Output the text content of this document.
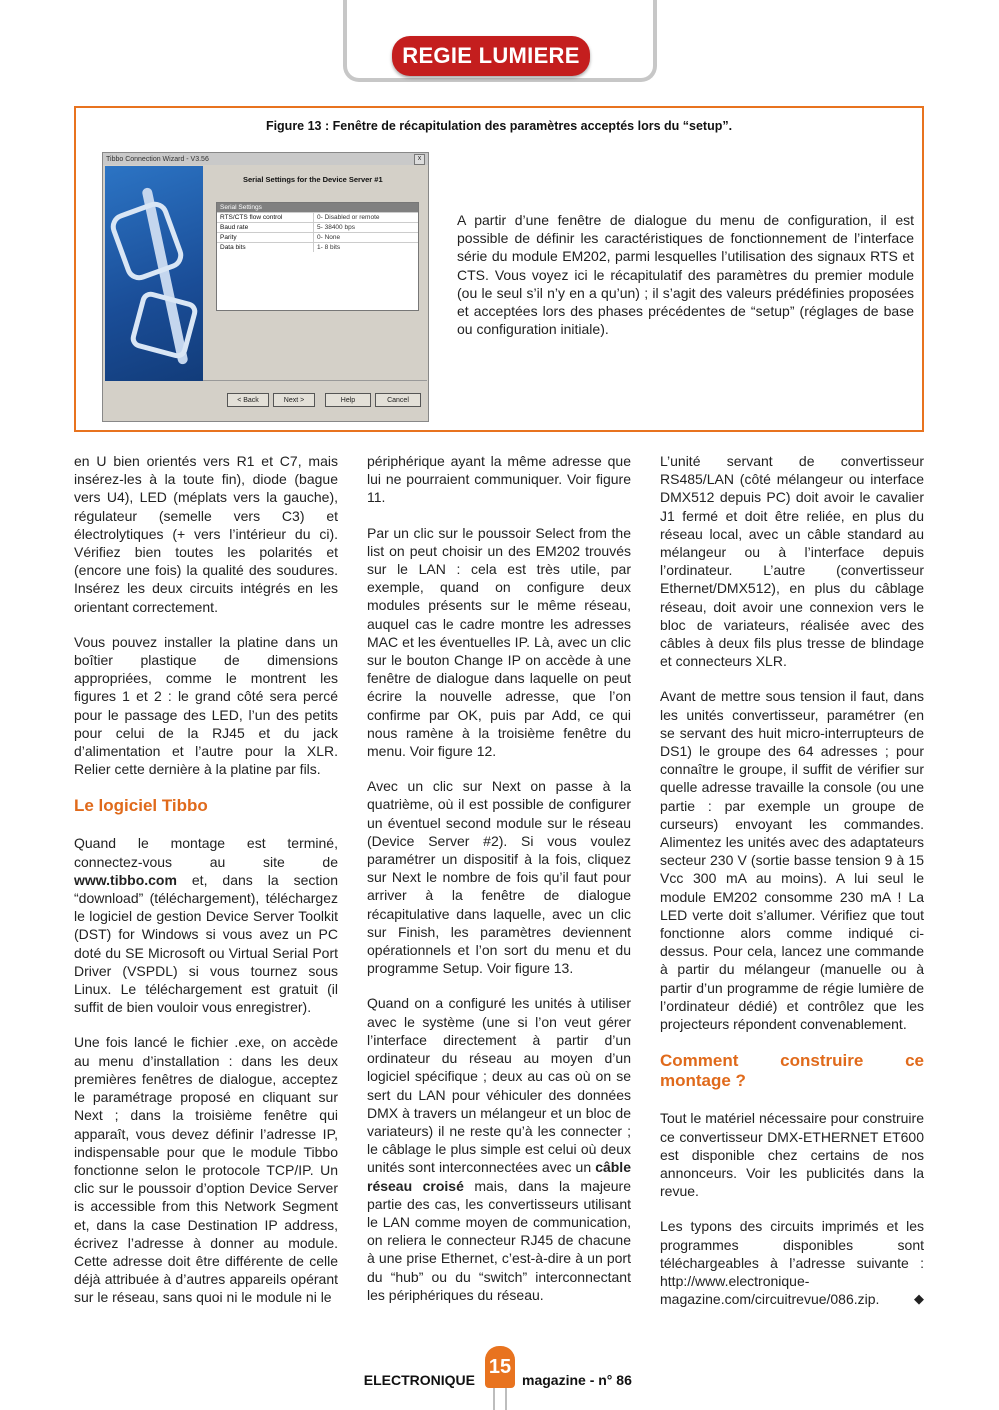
REGIE LUMIERE
Figure 13 : Fenêtre de récapitulation des paramètres acceptés lors du “setup”.
Tibbo Connection Wizard - V3.56	x
Serial Settings for the Device Server #1
Serial Settings
RTS/CTS flow control	0- Disabled or remote
Baud rate	5- 38400 bps
Parity	0- None
Data bits	1- 8 bits
< Back	Next >	Help	Cancel
A partir d’une fenêtre de dialogue du menu de configuration, il est possible de définir les caractéristiques de fonctionnement de l’interface série du module EM202, parmi lesquelles l’utilisation des signaux RTS et CTS. Vous voyez ici le récapitulatif des paramètres du premier module (ou le seul s’il n’y en a qu’un) ; il s’agit des valeurs prédéfinies proposées et acceptées lors des phases précédentes de “setup” (réglages de base ou configuration initiale).

en U bien orientés vers R1 et C7, mais insérez-les à la toute fin), diode (bague vers U4), LED (méplats vers la gauche), régulateur (semelle vers C3) et électrolytiques (+ vers l’intérieur du ci). Vérifiez bien toutes les polarités et (encore une fois) la qualité des soudures. Insérez les deux circuits intégrés en les orientant correctement.

Vous pouvez installer la platine dans un boîtier plastique de dimensions appropriées, comme le montrent les figures 1 et 2 : le grand côté sera percé pour le passage des LED, l’un des petits pour celui de la RJ45 et du jack d’alimentation et l’autre pour la XLR. Relier cette dernière à la platine par fils.

Le logiciel Tibbo

Quand le montage est terminé, connectez-vous au site de www.tibbo.com et, dans la section “download” (téléchargement), téléchargez le logiciel de gestion Device Server Toolkit (DST) for Windows si vous avez un PC doté du SE Microsoft ou Virtual Serial Port Driver (VSPDL) si vous tournez sous Linux. Le téléchargement est gratuit (il suffit de bien vouloir vous enregistrer).

Une fois lancé le fichier .exe, on accède au menu d’installation : dans les deux premières fenêtres de dialogue, acceptez le paramétrage proposé en cliquant sur Next ; dans la troisième fenêtre qui apparaît, vous devez définir l’adresse IP, indispensable pour que le module Tibbo fonctionne selon le protocole TCP/IP. Un clic sur le poussoir d’option Device Server is accessible from this Network Segment et, dans la case Destination IP address, écrivez l’adresse à donner au module. Cette adresse doit être différente de celle déjà attribuée à d’autres appareils opérant sur le réseau, sans quoi ni le module ni le

périphérique ayant la même adresse que lui ne pourraient communiquer. Voir figure 11.

Par un clic sur le poussoir Select from the list on peut choisir un des EM202 trouvés sur le LAN : cela est très utile, par exemple, quand on configure deux modules présents sur le même réseau, auquel cas le cadre montre les adresses MAC et les éventuelles IP. Là, avec un clic sur le bouton Change IP on accède à une fenêtre de dialogue dans laquelle on peut écrire la nouvelle adresse, que l’on confirme par OK, puis par Add, ce qui nous ramène à la troisième fenêtre du menu. Voir figure 12.

Avec un clic sur Next on passe à la quatrième, où il est possible de configurer un éventuel second module sur le réseau (Device Server #2). Si vous voulez paramétrer un dispositif à la fois, cliquez sur Next le nombre de fois qu’il faut pour arriver à la fenêtre de dialogue récapitulative dans laquelle, avec un clic sur Finish, les paramètres deviennent opérationnels et l’on sort du menu et du programme Setup. Voir figure 13.

Quand on a configuré les unités à utiliser avec le système (une si l’on veut gérer l’interface directement à partir d’un ordinateur du réseau au moyen d’un logiciel spécifique ; deux au cas où on se sert du LAN pour véhiculer des données DMX à travers un mélangeur et un bloc de variateurs) il ne reste qu’à les connecter ; le câblage le plus simple est celui où deux unités sont interconnectées avec un câble réseau croisé mais, dans la majeure partie des cas, les convertisseurs utilisant le LAN comme moyen de communication, on reliera le connecteur RJ45 de chacune à une prise Ethernet, c’est-à-dire à un port du “hub” ou du “switch” interconnectant les périphériques du réseau.

L’unité servant de convertisseur RS485/LAN (côté mélangeur ou interface DMX512 depuis PC) doit avoir le cavalier J1 fermé et doit être reliée, en plus du réseau local, avec un câble standard au mélangeur ou à l’interface depuis l’ordinateur. L’autre (convertisseur Ethernet/DMX512), en plus du câblage réseau, doit avoir une connexion vers le bloc de variateurs, réalisée avec des câbles à deux fils plus tresse de blindage et connecteurs XLR.

Avant de mettre sous tension il faut, dans les unités convertisseur, paramétrer (en se servant des huit micro-interrupteurs de DS1) le groupe des 64 adresses ; pour connaître le groupe, il suffit de vérifier sur quelle adresse travaille la console (ou une partie : par exemple un groupe de curseurs) envoyant les commandes. Alimentez les unités avec des adaptateurs secteur 230 V (sortie basse tension 9 à 15 Vcc 300 mA au moins). A lui seul le module EM202 consomme 230 mA ! La LED verte doit s’allumer. Vérifiez que tout fonctionne alors comme indiqué ci-dessus. Pour cela, lancez une commande à partir du mélangeur (manuelle ou à partir d’un programme de régie lumière de l’ordinateur dédié) et contrôlez que les projecteurs répondent convenablement.

Comment construire ce montage ?

Tout le matériel nécessaire pour construire ce convertisseur DMX-ETHERNET ET600 est disponible chez certains de nos annonceurs. Voir les publicités dans la revue.

Les typons des circuits imprimés et les programmes disponibles sont téléchargeables à l’adresse suivante : http://www.electronique-magazine.com/circuitrevue/086.zip.	◆

ELECTRONIQUE
15
magazine - n° 86
